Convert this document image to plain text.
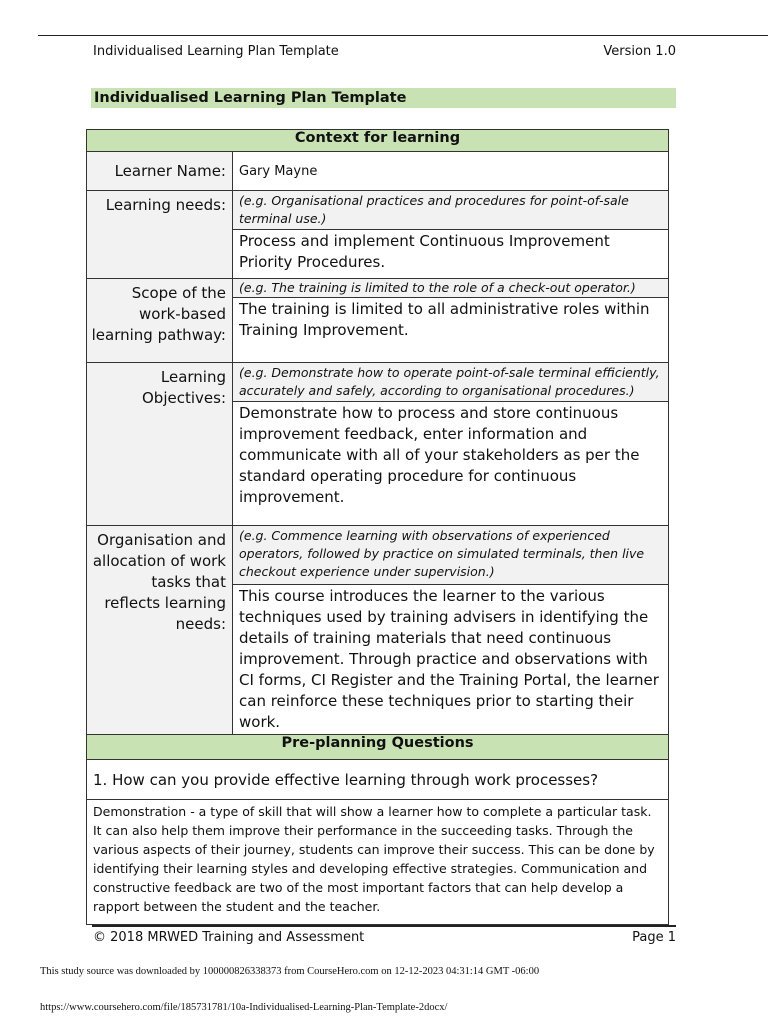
Individualised Learning Plan Template	Version 1.0
Individualised Learning Plan Template
Context for learning	
Learner Name:	Gary Mayne
Learning needs:	(e.g. Organisational practices and procedures for point-of-sale terminal use.)
	Process and implement Continuous Improvement Priority Procedures.
Scope of the work-based learning pathway:	(e.g. The training is limited to the role of a check-out operator.)
	The training is limited to all administrative roles within Training Improvement.
Learning Objectives:	(e.g. Demonstrate how to operate point-of-sale terminal efficiently, accurately and safely, according to organisational procedures.)
	Demonstrate how to process and store continuous improvement feedback, enter information and communicate with all of your stakeholders as per the standard operating procedure for continuous improvement.
Organisation and allocation of work tasks that reflects learning needs:	(e.g. Commence learning with observations of experienced operators, followed by practice on simulated terminals, then live checkout experience under supervision.)
	This course introduces the learner to the various techniques used by training advisers in identifying the details of training materials that need continuous improvement. Through practice and observations with CI forms, CI Register and the Training Portal, the learner can reinforce these techniques prior to starting their work.
Pre-planning Questions	
1. How can you provide effective learning through work processes?	
Demonstration - a type of skill that will show a learner how to complete a particular task. It can also help them improve their performance in the succeeding tasks. Through the various aspects of their journey, students can improve their success. This can be done by identifying their learning styles and developing effective strategies. Communication and constructive feedback are two of the most important factors that can help develop a rapport between the student and the teacher.	
© 2018 MRWED Training and Assessment	Page 1
This study source was downloaded by 100000826338373 from CourseHero.com on 12-12-2023 04:31:14 GMT -06:00
https://www.coursehero.com/file/185731781/10a-Individualised-Learning-Plan-Template-2docx/
